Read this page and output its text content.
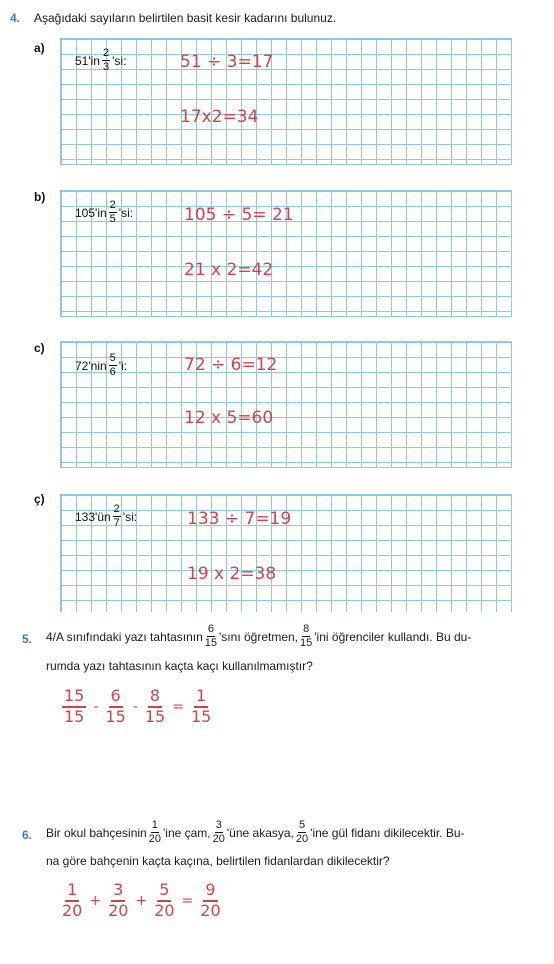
4. Aşağıdaki sayıların belirtilen basit kesir kadarını bulunuz.
a)
$51'in \frac{2}{3}$ 'si:	51 ÷ 3=17
17x2=34
b)
$105'in \frac{2}{5}$ 'si:	105 ÷ 5= 21
21 x 2=42
c)
$72'nin \frac{5}{6}$ 'i:	72 ÷ 6=12
12 x 5=60
ç)
133'ün $\frac{2}{7}$ 'si:	133 ÷ 7=19
19 x 2=38
5. 4/A sınıfındaki yazı tahtasının $\frac{6}{15}$ 'sını öğretmen, $\frac{8}{15}$ 'ini öğrenciler kullandı. Bu du-
rumda yazı tahtasının kaçta kaçı kullanılmamıştır?
$\frac{15}{15} - \frac{6}{15} - \frac{8}{15} = \frac{1}{15}$
6. Bir okul bahçesinin $\frac{1}{20}$ 'ine çam, $\frac{3}{20}$ 'üne akasya, $\frac{5}{20}$ 'ine gül fidanı dikilecektir. Bu-
na göre bahçenin kaçta kaçına, belirtilen fidanlardan dikilecektir?
$\frac{1}{20} + \frac{3}{20} + \frac{5}{20} = \frac{9}{20}$
